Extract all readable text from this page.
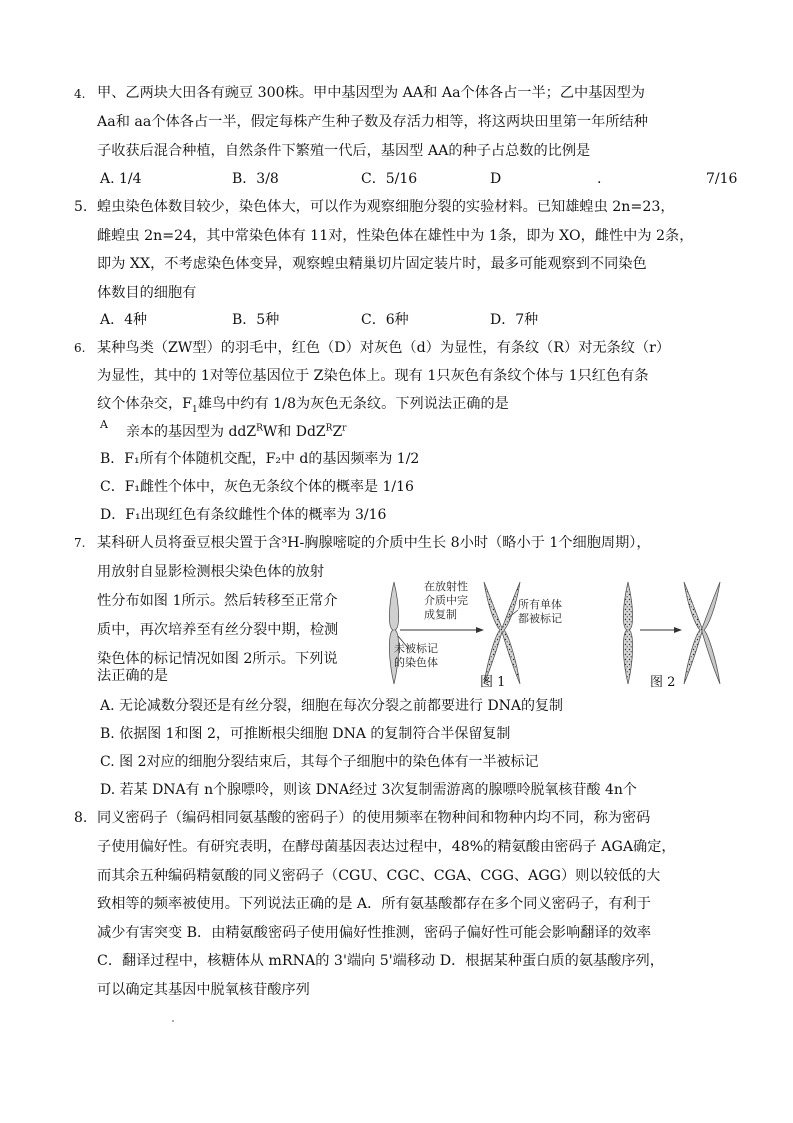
4. 甲、乙两块大田各有豌豆 300株。甲中基因型为 AA和 Aa个体各占一半；乙中基因型为
Aa和 aa个体各占一半，假定每株产生种子数及存活力相等，将这两块田里第一年所结种
子收获后混合种植，自然条件下繁殖一代后，基因型 AA的种子占总数的比例是
A. 1/4	B．3/8	C．5/16	D	.	7/16
5. 蝗虫染色体数目较少，染色体大，可以作为观察细胞分裂的实验材料。已知雄蝗虫 2n=23，
雌蝗虫 2n=24，其中常染色体有 11对，性染色体在雄性中为 1条，即为 XO，雌性中为 2条，
即为 XX，不考虑染色体变异，观察蝗虫精巢切片固定装片时，最多可能观察到不同染色
体数目的细胞有
A．4种	B．5种	C．6种	D．7种
6. 某种鸟类（ZW型）的羽毛中，红色（D）对灰色（d）为显性，有条纹（R）对无条纹（r）
为显性，其中的 1对等位基因位于 Z染色体上。现有 1只灰色有条纹个体与 1只红色有条
纹个体杂交，$F_1$雄鸟中约有 1/8为灰色无条纹。下列说法正确的是
A 亲本的基因型为 ddZ$^R$W和 $DdZ^RZ^r$
B．F₁所有个体随机交配，F₂中 d的基因频率为 1/2
C．F₁雌性个体中，灰色无条纹个体的概率是 1/16
D．F₁出现红色有条纹雌性个体的概率为 3/16
7. 某科研人员将蚕豆根尖置于含³H-胸腺嘧啶的介质中生长 8小时（略小于 1个细胞周期），
用放射自显影检测根尖染色体的放射
性分布如图 1所示。然后转移至正常介
质中，再次培养至有丝分裂中期，检测
染色体的标记情况如图 2所示。下列说
法正确的是
未被标记
的染色体
在放射性
介质中完
成复制
所有单体
都被标记
图 1	图 2
A. 无论减数分裂还是有丝分裂，细胞在每次分裂之前都要进行 DNA的复制
B. 依据图 1和图 2，可推断根尖细胞 DNA 的复制符合半保留复制
C. 图 2对应的细胞分裂结束后，其每个子细胞中的染色体有一半被标记
D. 若某 DNA有 n个腺嘌呤，则该 DNA经过 3次复制需游离的腺嘌呤脱氧核苷酸 4n个
8. 同义密码子（编码相同氨基酸的密码子）的使用频率在物种间和物种内均不同，称为密码
子使用偏好性。有研究表明，在酵母菌基因表达过程中，48%的精氨酸由密码子 AGA确定，
而其余五种编码精氨酸的同义密码子（CGU、CGC、CGA、CGG、AGG）则以较低的大
致相等的频率被使用。下列说法正确的是 A．所有氨基酸都存在多个同义密码子，有利于
减少有害突变 B．由精氨酸密码子使用偏好性推测，密码子偏好性可能会影响翻译的效率
C．翻译过程中，核糖体从 mRNA的 3'端向 5'端移动 D．根据某种蛋白质的氨基酸序列，
可以确定其基因中脱氧核苷酸序列
